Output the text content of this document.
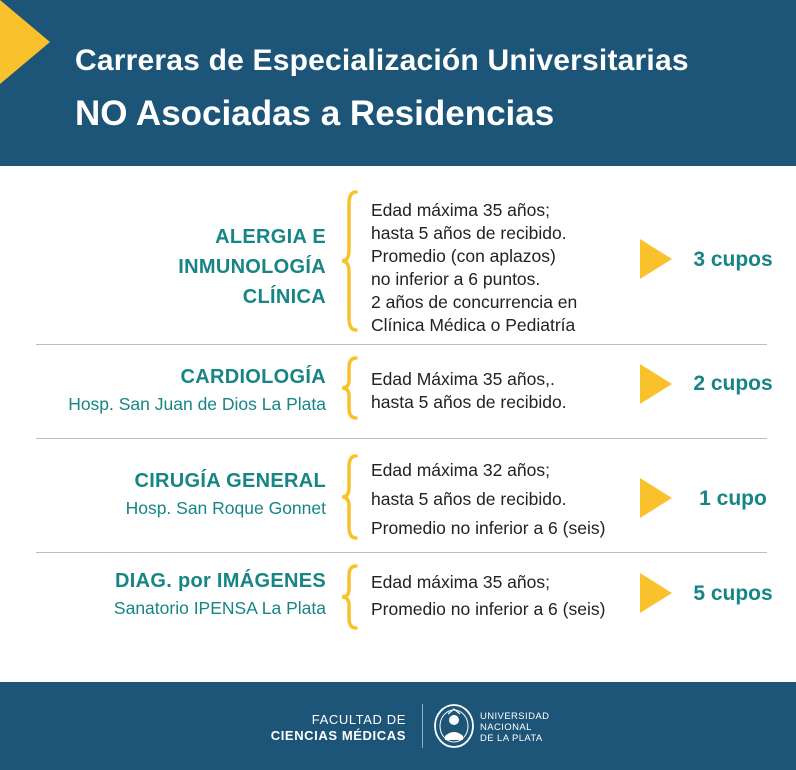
Carreras de Especialización Universitarias
NO Asociadas a Residencias
ALERGIA E
INMUNOLOGÍA
CLÍNICA
Edad máxima 35 años;
hasta 5 años de recibido.
Promedio (con aplazos)
no inferior a 6 puntos.
2 años de concurrencia en
Clínica Médica o Pediatría
3 cupos
CARDIOLOGÍA
Hosp. San Juan de Dios La Plata
Edad Máxima 35 años,.
hasta 5 años de recibido.
2 cupos
CIRUGÍA GENERAL
Hosp. San Roque Gonnet
Edad máxima 32 años;
hasta 5 años de recibido.
Promedio no inferior a 6 (seis)
1 cupo
DIAG. por IMÁGENES
Sanatorio IPENSA La Plata
Edad máxima 35 años;
Promedio no inferior a 6 (seis)
5 cupos
FACULTAD DE
CIENCIAS MÉDICAS
UNIVERSIDAD
NACIONAL
DE LA PLATA
